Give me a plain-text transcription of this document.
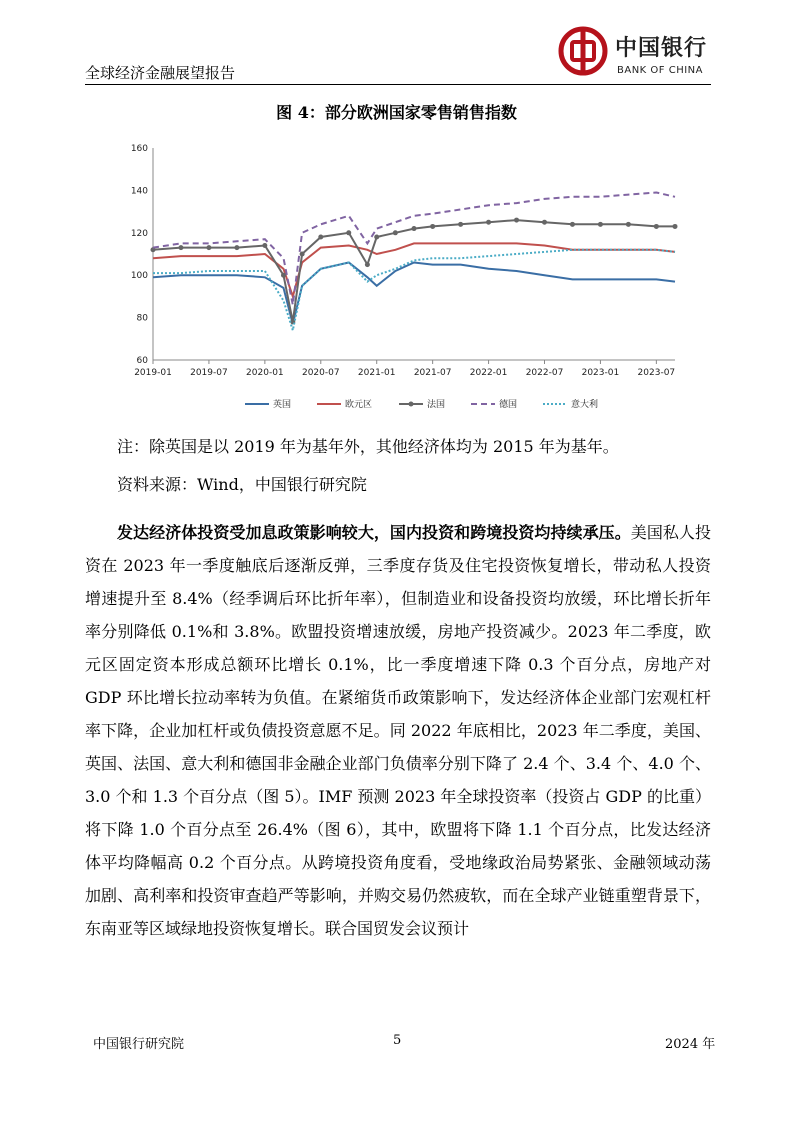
全球经济金融展望报告
中国银行
BANK OF CHINA
图 4：部分欧洲国家零售销售指数
60
80
100
120
140
160
2019-01 2019-07 2020-01 2020-07 2021-01 2021-07 2022-01 2022-07 2023-01 2023-07
英国	欧元区	法国	德国	意大利
注：除英国是以 2019 年为基年外，其他经济体均为 2015 年为基年。
资料来源：Wind，中国银行研究院

发达经济体投资受加息政策影响较大，国内投资和跨境投资均持续承压。美国私人投资在 2023 年一季度触底后逐渐反弹，三季度存货及住宅投资恢复增长，带动私人投资增速提升至 8.4%（经季调后环比折年率），但制造业和设备投资均放缓，环比增长折年率分别降低 0.1%和 3.8%。欧盟投资增速放缓，房地产投资减少。2023 年二季度，欧元区固定资本形成总额环比增长 0.1%，比一季度增速下降 0.3 个百分点，房地产对 GDP 环比增长拉动率转为负值。在紧缩货币政策影响下，发达经济体企业部门宏观杠杆率下降，企业加杠杆或负债投资意愿不足。同 2022 年底相比，2023 年二季度，美国、英国、法国、意大利和德国非金融企业部门负债率分别下降了 2.4 个、3.4 个、4.0 个、3.0 个和 1.3 个百分点（图 5）。IMF 预测 2023 年全球投资率（投资占 GDP 的比重）将下降 1.0 个百分点至 26.4%（图 6），其中，欧盟将下降 1.1 个百分点，比发达经济体平均降幅高 0.2 个百分点。从跨境投资角度看，受地缘政治局势紧张、金融领域动荡加剧、高利率和投资审查趋严等影响，并购交易仍然疲软，而在全球产业链重塑背景下，东南亚等区域绿地投资恢复增长。联合国贸发会议预计

中国银行研究院	5	2024 年
